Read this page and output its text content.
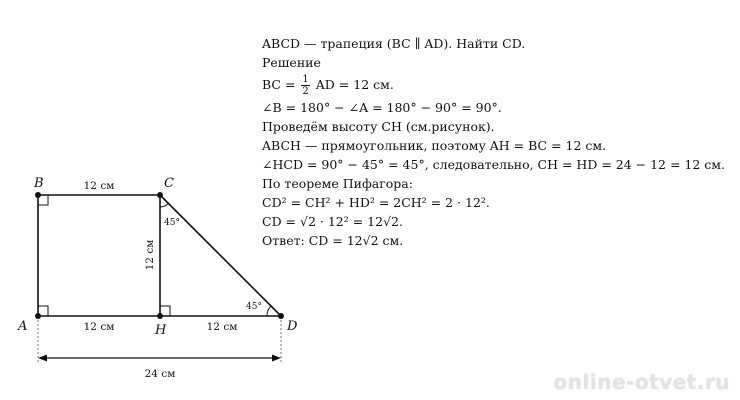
B	C
A	H	D
12 см
12 см
12 см	12 см
24 см
45°
45°
ABCD — трапеция (BC ∥ AD). Найти CD.
Решение
BC = $\frac{1}{2}$ AD = 12 см.
∠B = 180° − ∠A = 180° − 90° = 90°.
Проведём высоту CH (см.рисунок).
ABCH — прямоугольник, поэтому AH = BC = 12 см.
∠HCD = 90° − 45° = 45°, следовательно, CH = HD = 24 − 12 = 12 см.
По теореме Пифагора:
CD² = CH² + HD² = 2CH² = 2 · 12².
CD = √2 · 12² = 12√2.
Ответ: CD = 12√2 см.
online-otvet.ru
